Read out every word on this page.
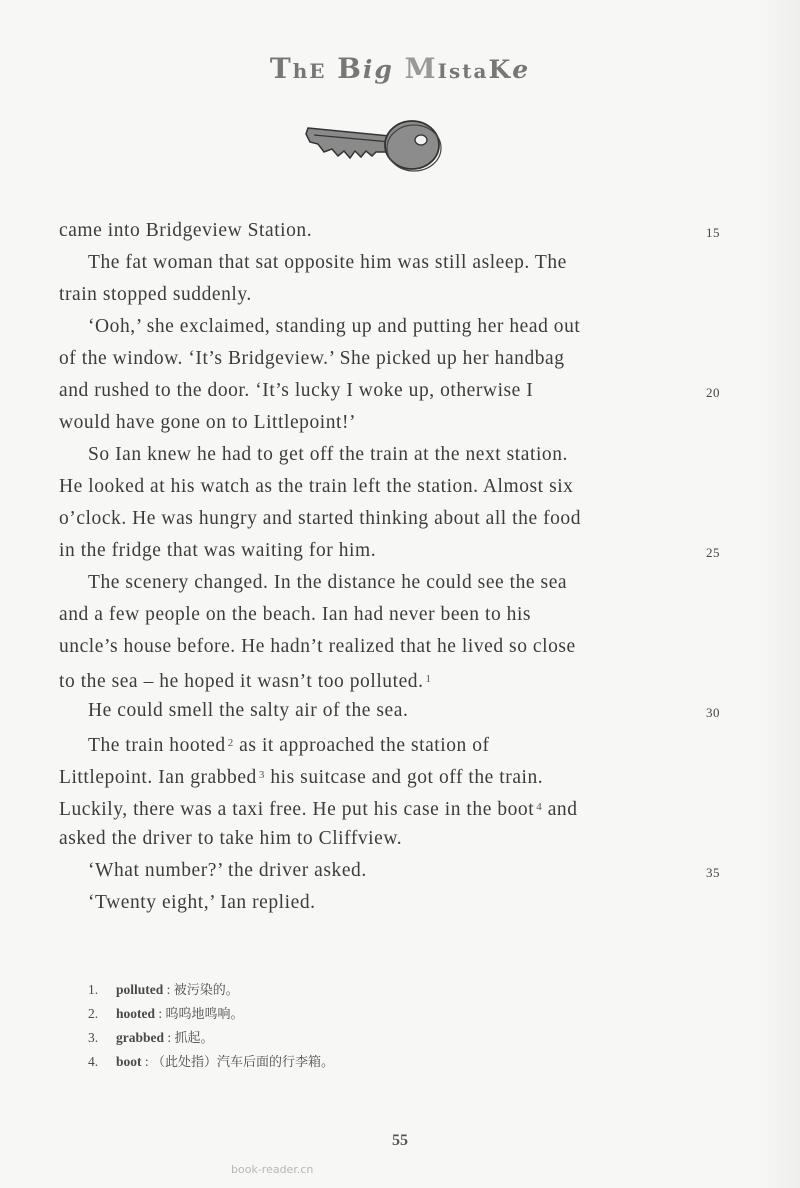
ThE Big MIstaKe
came into Bridgeview Station.	15
The fat woman that sat opposite him was still asleep. The
train stopped suddenly.
‘Ooh,’ she exclaimed, standing up and putting her head out
of the window. ‘It’s Bridgeview.’ She picked up her handbag
and rushed to the door. ‘It’s lucky I woke up, otherwise I	20
would have gone on to Littlepoint!’
So Ian knew he had to get off the train at the next station.
He looked at his watch as the train left the station. Almost six
o’clock. He was hungry and started thinking about all the food
in the fridge that was waiting for him.	25
The scenery changed. In the distance he could see the sea
and a few people on the beach. Ian had never been to his
uncle’s house before. He hadn’t realized that he lived so close
to the sea – he hoped it wasn’t too polluted. $^1$
He could smell the salty air of the sea.	30
The train hooted $^2$ as it approached the station of
Littlepoint. Ian grabbed $^3$ his suitcase and got off the train.
Luckily, there was a taxi free. He put his case in the boot $^4$ and
asked the driver to take him to Cliffview.
‘What number?’ the driver asked.	35
‘Twenty eight,’ Ian replied.
1. polluted : 被污染的。
2. hooted : 呜呜地鸣响。
3. grabbed : 抓起。
4. boot : （此处指）汽车后面的行李箱。
55
book-reader.cn
